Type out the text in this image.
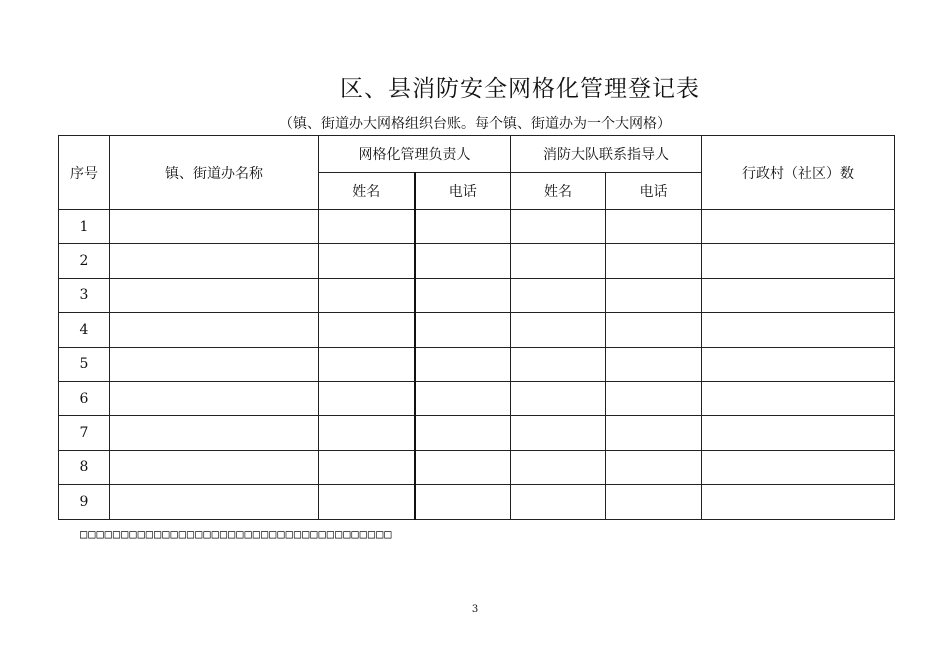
区、县消防安全网格化管理登记表
（镇、街道办大网格组织台账。每个镇、街道办为一个大网格）
序号	镇、街道办名称	网格化管理负责人		消防大队联系指导人		行政村（社区）数
		姓名	电话	姓名	电话	
1						
2						
3						
4						
5						
6						
7						
8						
9						
□□□□□□□□□□□□□□□□□□□□□□□□□□□□□□□□□□□□□□
3
